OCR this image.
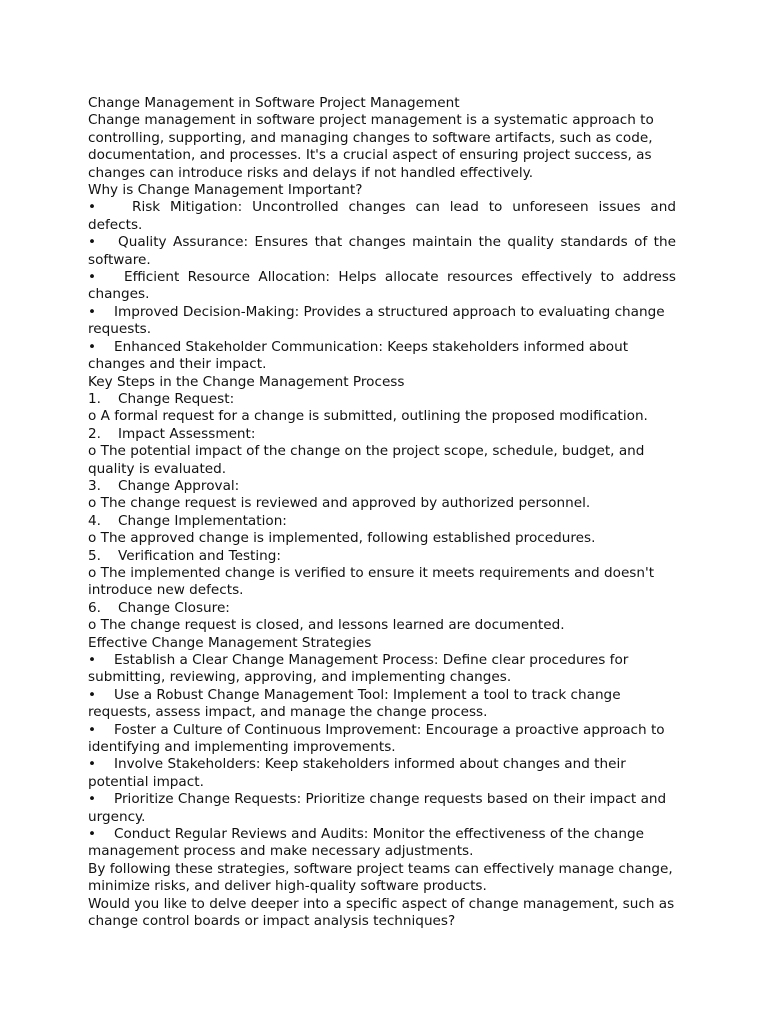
Change Management in Software Project Management

Change management in software project management is a systematic approach to controlling, supporting, and managing changes to software artifacts, such as code, documentation, and processes. It's a crucial aspect of ensuring project success, as changes can introduce risks and delays if not handled effectively.

Why is Change Management Important?

•	Risk Mitigation: Uncontrolled changes can lead to unforeseen issues and defects.

• Quality Assurance: Ensures that changes maintain the quality standards of the software.

• Efficient Resource Allocation: Helps allocate resources effectively to address changes.

• Improved Decision-Making: Provides a structured approach to evaluating change requests.

• Enhanced Stakeholder Communication: Keeps stakeholders informed about changes and their impact.

Key Steps in the Change Management Process

1. Change Request:

o A formal request for a change is submitted, outlining the proposed modification.

2. Impact Assessment:

o The potential impact of the change on the project scope, schedule, budget, and quality is evaluated.

3. Change Approval:

o The change request is reviewed and approved by authorized personnel.

4. Change Implementation:

o The approved change is implemented, following established procedures.

5. Verification and Testing:

o The implemented change is verified to ensure it meets requirements and doesn't introduce new defects.

6. Change Closure:

o The change request is closed, and lessons learned are documented.

Effective Change Management Strategies

• Establish a Clear Change Management Process: Define clear procedures for submitting, reviewing, approving, and implementing changes.

• Use a Robust Change Management Tool: Implement a tool to track change requests, assess impact, and manage the change process.

• Foster a Culture of Continuous Improvement: Encourage a proactive approach to identifying and implementing improvements.

• Involve Stakeholders: Keep stakeholders informed about changes and their potential impact.

• Prioritize Change Requests: Prioritize change requests based on their impact and urgency.

• Conduct Regular Reviews and Audits: Monitor the effectiveness of the change management process and make necessary adjustments.

By following these strategies, software project teams can effectively manage change, minimize risks, and deliver high-quality software products.

Would you like to delve deeper into a specific aspect of change management, such as change control boards or impact analysis techniques?
